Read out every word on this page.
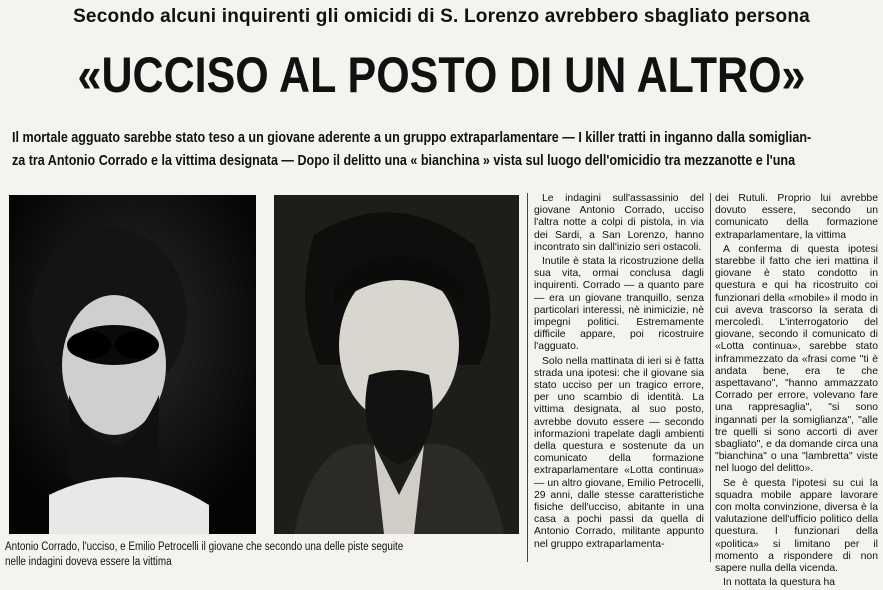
Secondo alcuni inquirenti gli omicidi di S. Lorenzo avrebbero sbagliato persona
«UCCISO AL POSTO DI UN ALTRO»
Il mortale agguato sarebbe stato teso a un giovane aderente a un gruppo extraparlamentare — I killer tratti in inganno dalla somiglian-
za tra Antonio Corrado e la vittima designata — Dopo il delitto una « bianchina » vista sul luogo dell'omicidio tra mezzanotte e l'una
Antonio Corrado, l'ucciso, e Emilio Petrocelli il giovane che secondo una delle piste seguite
nelle indagini doveva essere la vittima

Le indagini sull'assassinio del giovane Antonio Corrado, ucciso l'altra notte a colpi di pistola, in via dei Sardi, a San Lorenzo, hanno incontrato sin dall'inizio seri ostacoli.

Inutile è stata la ricostruzione della sua vita, ormai conclusa dagli inquirenti. Corrado — a quanto pare — era un giovane tranquillo, senza particolari interessi, nè inimicizie, nè impegni politici. Estremamente difficile appare, poi ricostruire l'agguato.

Solo nella mattinata di ieri si è fatta strada una ipotesi: che il giovane sia stato ucciso per un tragico errore, per uno scambio di identità. La vittima designata, al suo posto, avrebbe dovuto essere — secondo informazioni trapelate dagli ambienti della questura e sostenute da un comunicato della formazione extraparlamentare «Lotta continua» — un altro giovane, Emilio Petrocelli, 29 anni, dalle stesse caratteristiche fisiche dell'ucciso, abitante in una casa a pochi passi da quella di Antonio Corrado, militante appunto nel gruppo extraparlamenta-

dei Rutuli. Proprio lui avrebbe dovuto essere, secondo un comunicato della formazione extraparlamentare, la vittima

A conferma di questa ipotesi starebbe il fatto che ieri mattina il giovane è stato condotto in questura e qui ha ricostruito coi funzionari della «mobile» il modo in cui aveva trascorso la serata di mercoledì. L'interrogatorio del giovane, secondo il comunicato di «Lotta continua», sarebbe stato inframmezzato da «frasi come "ti è andata bene, era te che aspettavano", "hanno ammazzato Corrado per errore, volevano fare una rappresaglia", "si sono ingannati per la somiglianza", "alle tre quelli si sono accorti di aver sbagliato", e da domande circa una "bianchina" o una "lambretta" viste nel luogo del delitto».

Se è questa l'ipotesi su cui la squadra mobile appare lavorare con molta convinzione, diversa è la valutazione dell'ufficio politico della questura. I funzionari della «politica» si limitano per il momento a rispondere di non sapere nulla della vicenda.

In nottata la questura ha
